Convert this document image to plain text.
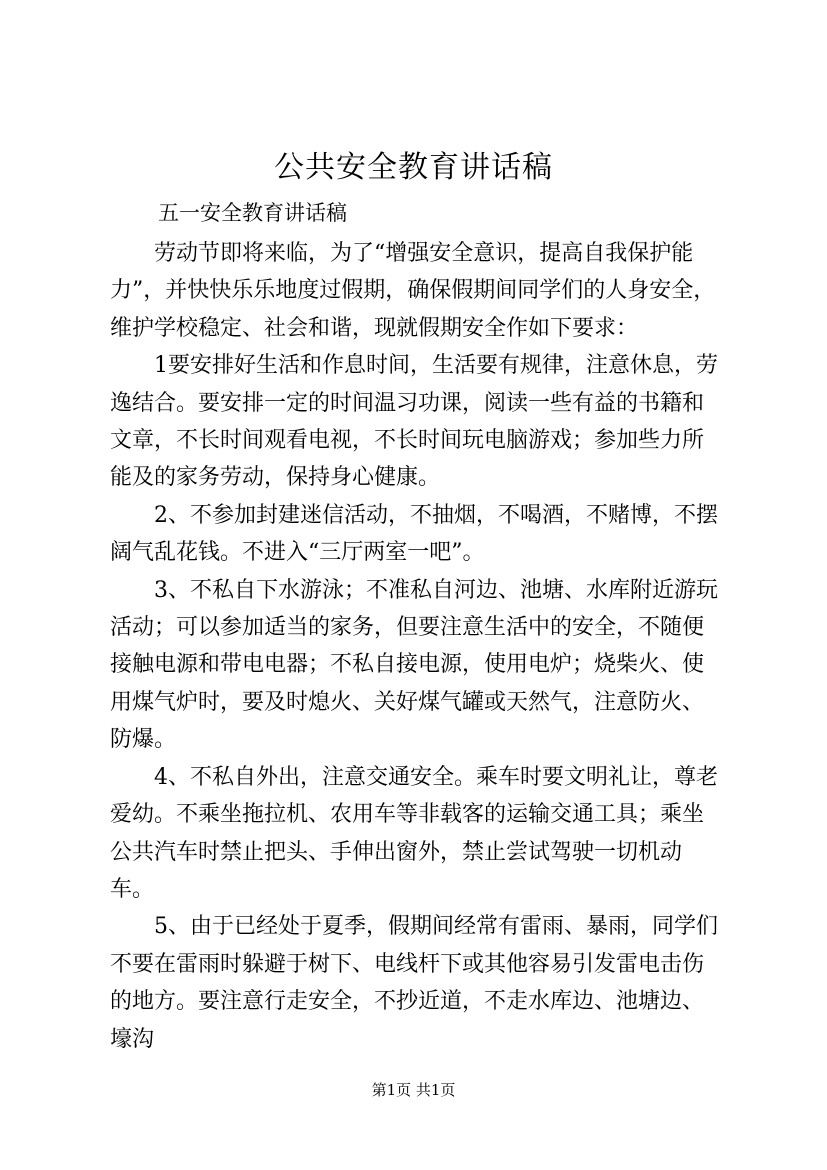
公共安全教育讲话稿
五一安全教育讲话稿

劳动节即将来临，为了“增强安全意识，提高自我保护能力”，并快快乐乐地度过假期，确保假期间同学们的人身安全，维护学校稳定、社会和谐，现就假期安全作如下要求：

1要安排好生活和作息时间，生活要有规律，注意休息，劳逸结合。要安排一定的时间温习功课，阅读一些有益的书籍和文章，不长时间观看电视，不长时间玩电脑游戏；参加些力所能及的家务劳动，保持身心健康。

2、不参加封建迷信活动，不抽烟，不喝酒，不赌博，不摆阔气乱花钱。不进入“三厅两室一吧”。

3、不私自下水游泳；不准私自河边、池塘、水库附近游玩活动；可以参加适当的家务，但要注意生活中的安全，不随便接触电源和带电电器；不私自接电源，使用电炉；烧柴火、使用煤气炉时，要及时熄火、关好煤气罐或天然气，注意防火、防爆。

4、不私自外出，注意交通安全。乘车时要文明礼让，尊老爱幼。不乘坐拖拉机、农用车等非载客的运输交通工具；乘坐公共汽车时禁止把头、手伸出窗外，禁止尝试驾驶一切机动车。

5、由于已经处于夏季，假期间经常有雷雨、暴雨，同学们不要在雷雨时躲避于树下、电线杆下或其他容易引发雷电击伤的地方。要注意行走安全，不抄近道，不走水库边、池塘边、壕沟

第1页 共1页
